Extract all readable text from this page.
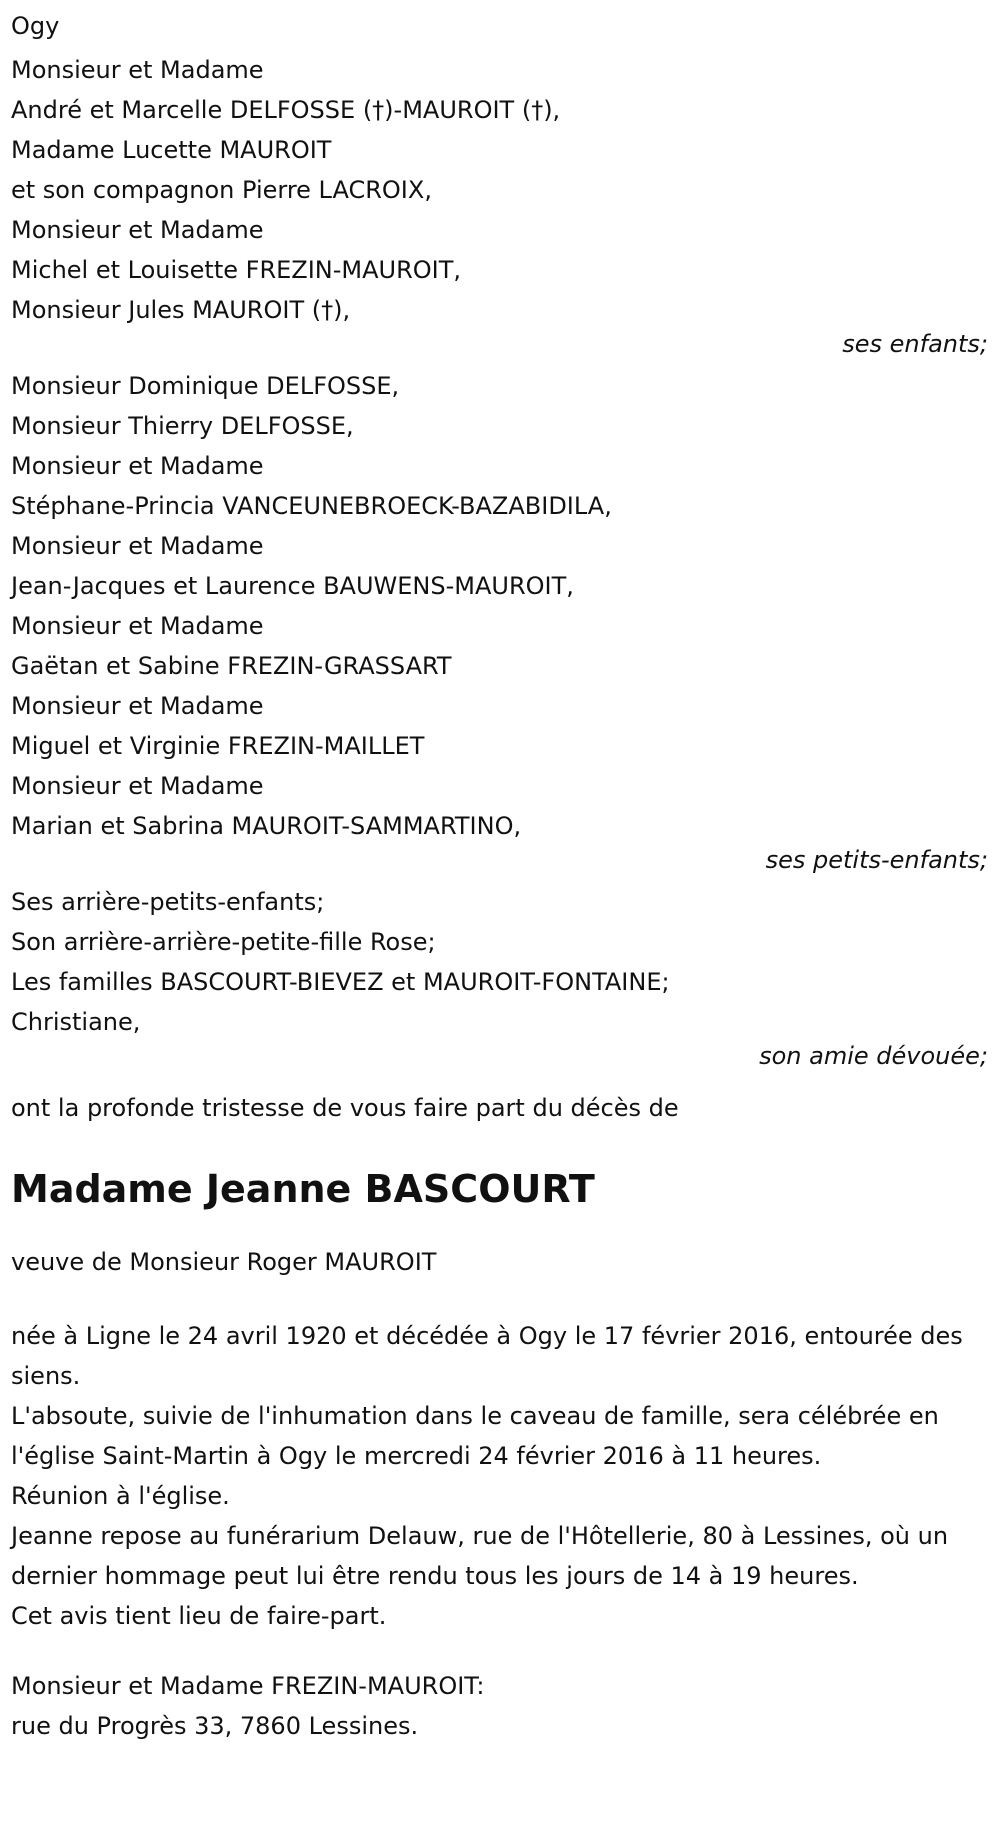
Ogy

Monsieur et Madame

André et Marcelle DELFOSSE (†)-MAUROIT (†),

Madame Lucette MAUROIT

et son compagnon Pierre LACROIX,

Monsieur et Madame

Michel et Louisette FREZIN-MAUROIT,

Monsieur Jules MAUROIT (†),

ses enfants;

Monsieur Dominique DELFOSSE,

Monsieur Thierry DELFOSSE,

Monsieur et Madame

Stéphane-Princia VANCEUNEBROECK-BAZABIDILA,

Monsieur et Madame

Jean-Jacques et Laurence BAUWENS-MAUROIT,

Monsieur et Madame

Gaëtan et Sabine FREZIN-GRASSART

Monsieur et Madame

Miguel et Virginie FREZIN-MAILLET

Monsieur et Madame

Marian et Sabrina MAUROIT-SAMMARTINO,

ses petits-enfants;

Ses arrière-petits-enfants;

Son arrière-arrière-petite-fille Rose;

Les familles BASCOURT-BIEVEZ et MAUROIT-FONTAINE;

Christiane,

son amie dévouée;

ont la profonde tristesse de vous faire part du décès de

Madame Jeanne BASCOURT

veuve de Monsieur Roger MAUROIT

née à Ligne le 24 avril 1920 et décédée à Ogy le 17 février 2016, entourée des siens.

L'absoute, suivie de l'inhumation dans le caveau de famille, sera célébrée en l'église Saint-Martin à Ogy le mercredi 24 février 2016 à 11 heures.

Réunion à l'église.

Jeanne repose au funérarium Delauw, rue de l'Hôtellerie, 80 à Lessines, où un dernier hommage peut lui être rendu tous les jours de 14 à 19 heures.

Cet avis tient lieu de faire-part.

Monsieur et Madame FREZIN-MAUROIT:

rue du Progrès 33, 7860 Lessines.
